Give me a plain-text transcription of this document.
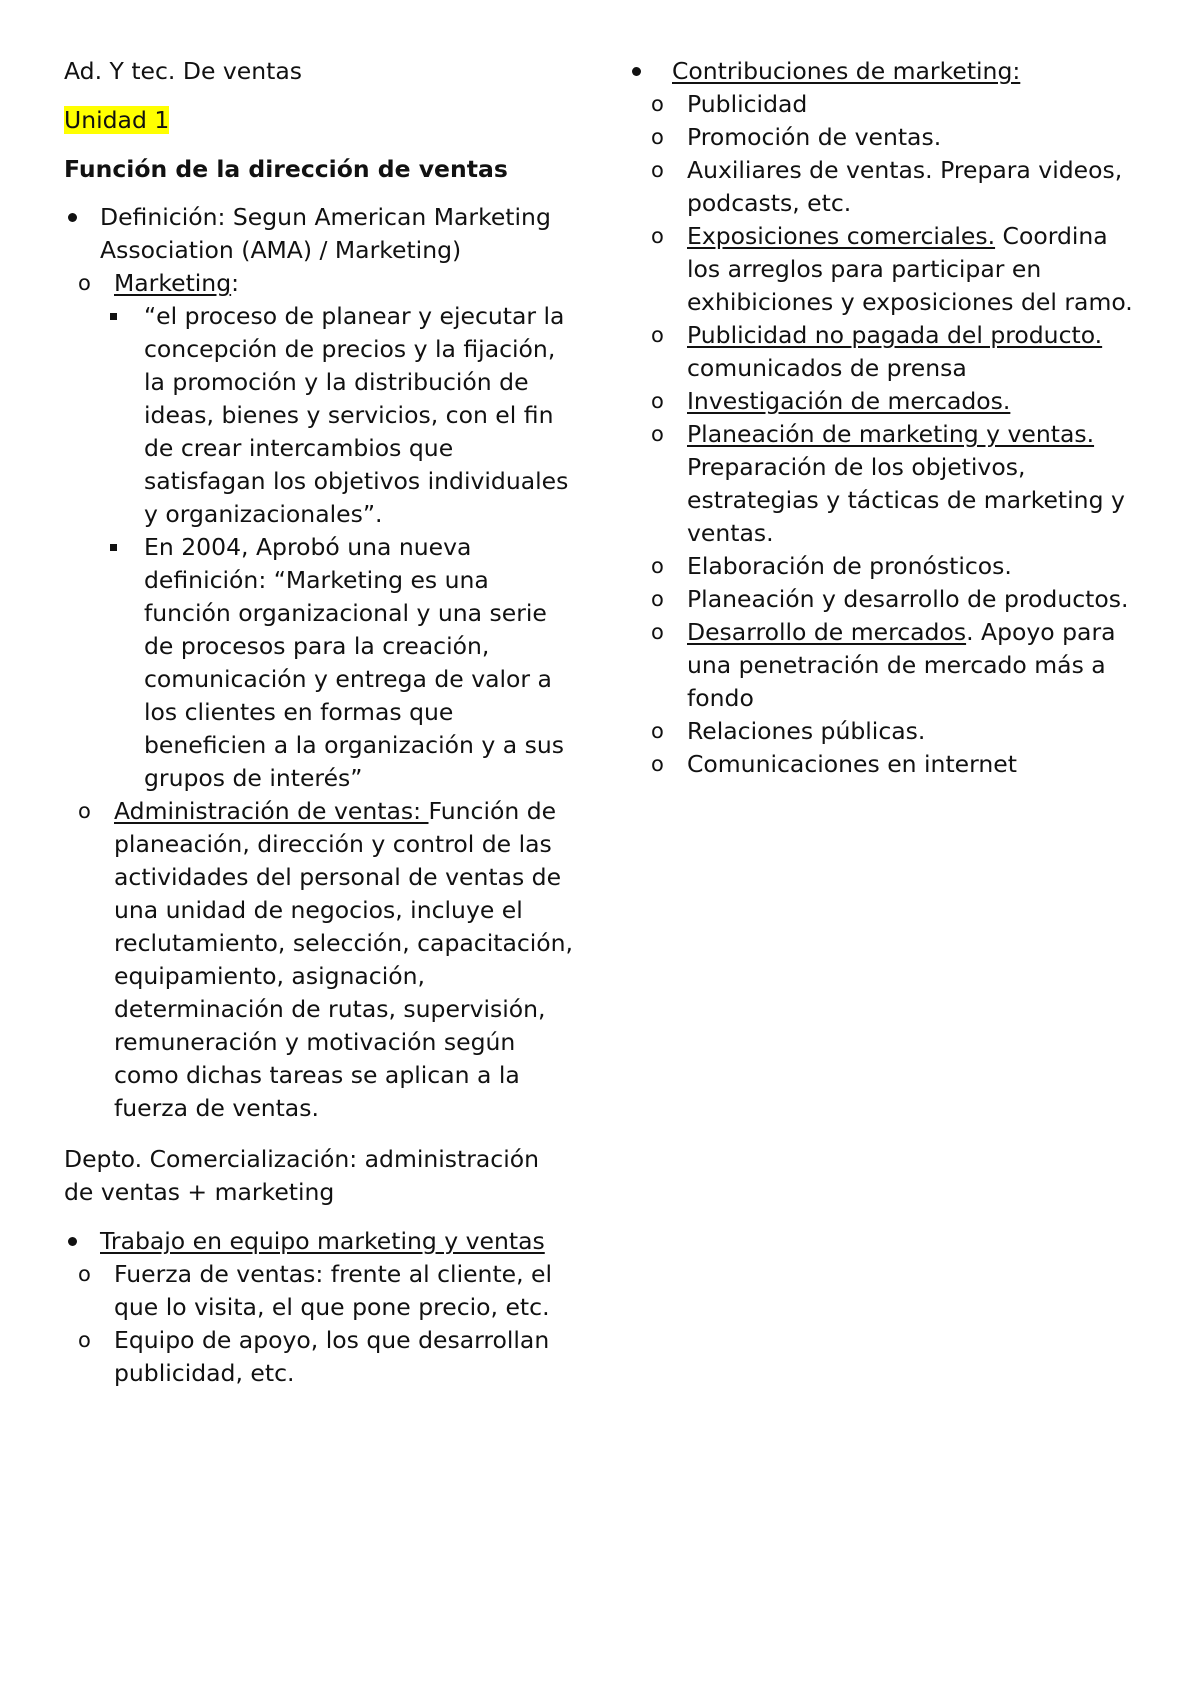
Ad. Y tec. De ventas

Unidad 1

Función de la dirección de ventas

Definición: Segun American Marketing Association (AMA) / Marketing)
o Marketing:
“el proceso de planear y ejecutar la concepción de precios y la fijación, la promoción y la distribución de ideas, bienes y servicios, con el fin de crear intercambios que satisfagan los objetivos individuales y organizacionales”.
En 2004, Aprobó una nueva definición: “Marketing es una función organizacional y una serie de procesos para la creación, comunicación y entrega de valor a los clientes en formas que beneficien a la organización y a sus grupos de interés”
o Administración de ventas: Función de planeación, dirección y control de las actividades del personal de ventas de una unidad de negocios, incluye el reclutamiento, selección, capacitación, equipamiento, asignación, determinación de rutas, supervisión, remuneración y motivación según como dichas tareas se aplican a la fuerza de ventas.

Depto. Comercialización: administración de ventas + marketing

Trabajo en equipo marketing y ventas
o Fuerza de ventas: frente al cliente, el que lo visita, el que pone precio, etc.
o Equipo de apoyo, los que desarrollan publicidad, etc.
Contribuciones de marketing:
o Publicidad
o Promoción de ventas.
o Auxiliares de ventas. Prepara videos, podcasts, etc.
o Exposiciones comerciales. Coordina los arreglos para participar en exhibiciones y exposiciones del ramo.
o Publicidad no pagada del producto. comunicados de prensa
o Investigación de mercados.
o Planeación de marketing y ventas. Preparación de los objetivos, estrategias y tácticas de marketing y ventas.
o Elaboración de pronósticos.
o Planeación y desarrollo de productos.
o Desarrollo de mercados. Apoyo para una penetración de mercado más a fondo
o Relaciones públicas.
o Comunicaciones en internet
